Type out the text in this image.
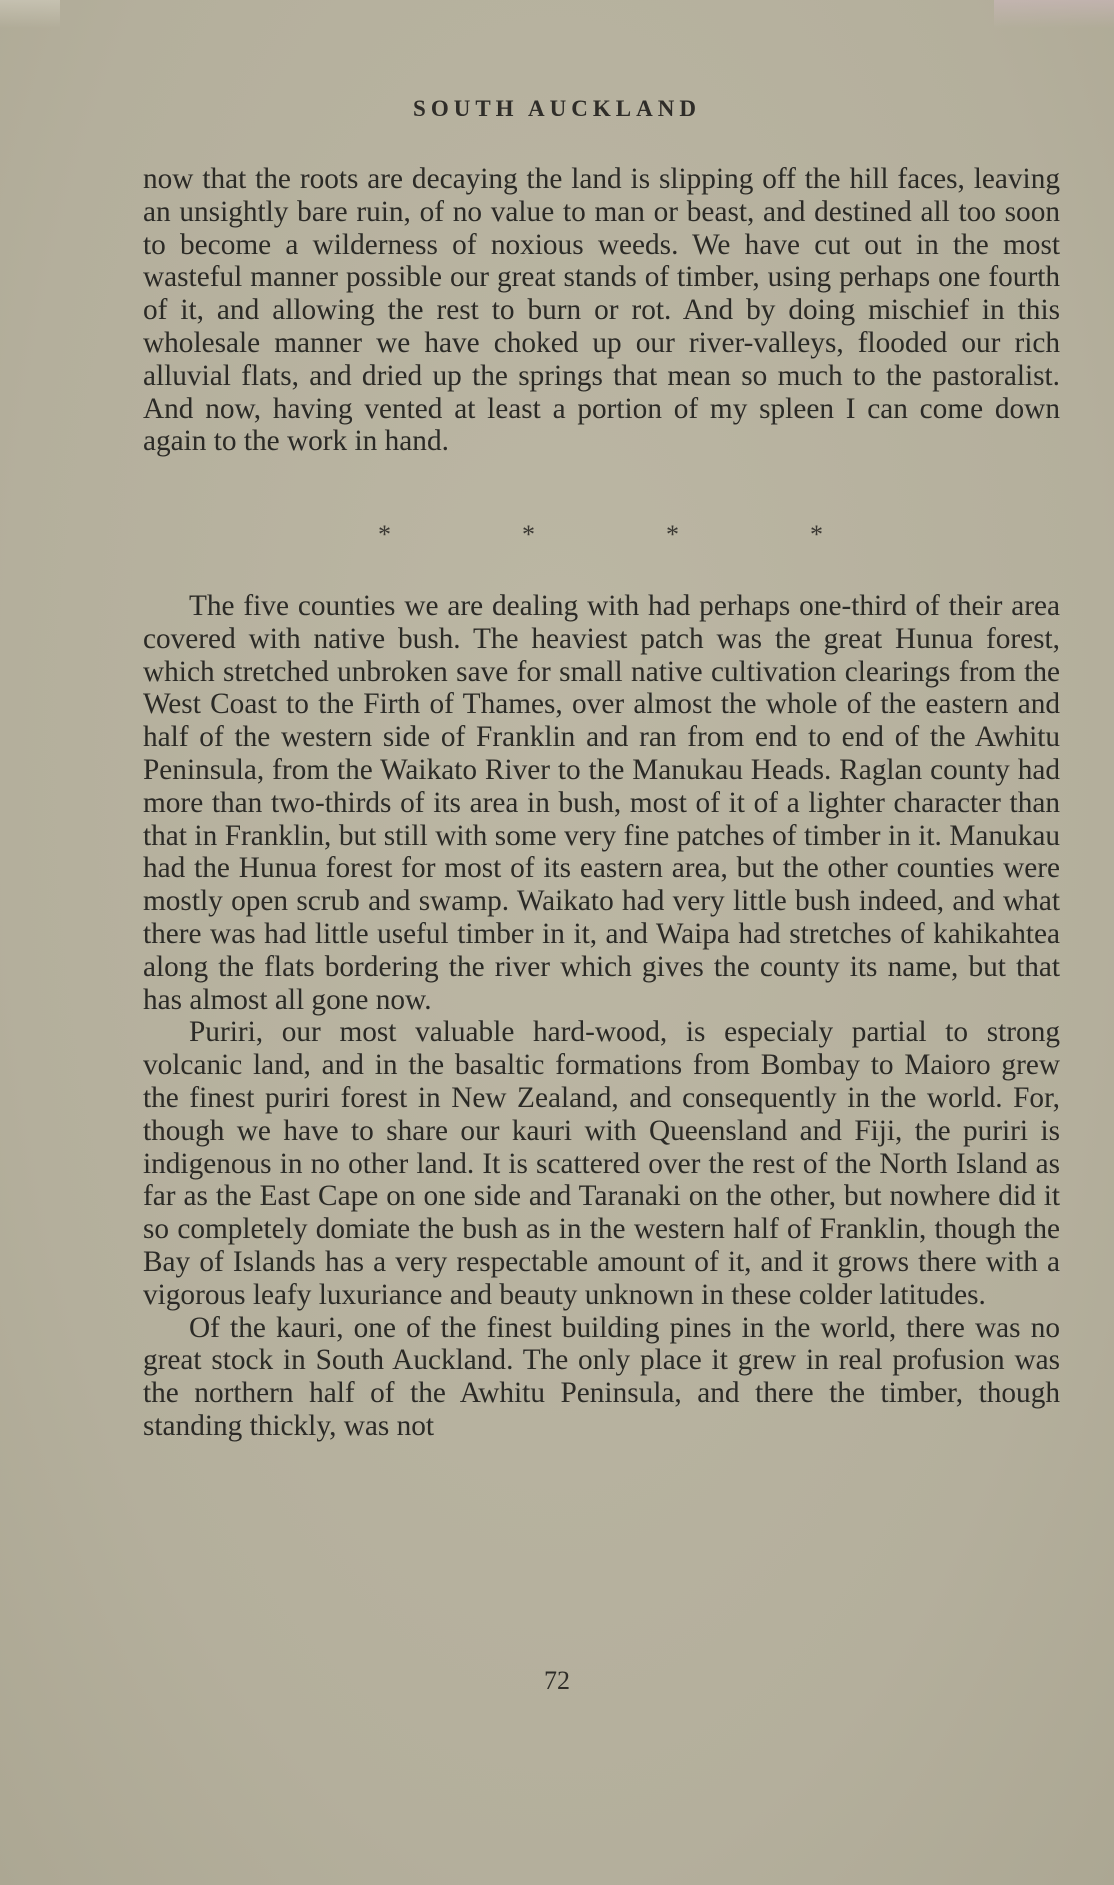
SOUTH AUCKLAND

now that the roots are decaying the land is slipping off the hill faces, leaving an unsightly bare ruin, of no value to man or beast, and destined all too soon to become a wilderness of noxious weeds. We have cut out in the most wasteful manner possible our great stands of timber, using perhaps one fourth of it, and allowing the rest to burn or rot. And by doing mischief in this wholesale manner we have choked up our river-valleys, flooded our rich alluvial flats, and dried up the springs that mean so much to the pastoralist. And now, having vented at least a portion of my spleen I can come down again to the work in hand.

*	*	*	*

The five counties we are dealing with had perhaps one-third of their area covered with native bush. The heaviest patch was the great Hunua forest, which stretched unbroken save for small native cultivation clearings from the West Coast to the Firth of Thames, over almost the whole of the eastern and half of the western side of Franklin and ran from end to end of the Awhitu Peninsula, from the Waikato River to the Manukau Heads. Raglan county had more than two-thirds of its area in bush, most of it of a lighter character than that in Franklin, but still with some very fine patches of timber in it. Manukau had the Hunua forest for most of its eastern area, but the other counties were mostly open scrub and swamp. Waikato had very little bush indeed, and what there was had little useful timber in it, and Waipa had stretches of kahikahtea along the flats bordering the river which gives the county its name, but that has almost all gone now.

Puriri, our most valuable hard-wood, is especialy partial to strong volcanic land, and in the basaltic formations from Bombay to Maioro grew the finest puriri forest in New Zealand, and consequently in the world. For, though we have to share our kauri with Queensland and Fiji, the puriri is indigenous in no other land. It is scattered over the rest of the North Island as far as the East Cape on one side and Taranaki on the other, but nowhere did it so completely domiate the bush as in the western half of Franklin, though the Bay of Islands has a very respectable amount of it, and it grows there with a vigorous leafy luxuriance and beauty unknown in these colder latitudes.

Of the kauri, one of the finest building pines in the world, there was no great stock in South Auckland. The only place it grew in real profusion was the northern half of the Awhitu Peninsula, and there the timber, though standing thickly, was not

72
